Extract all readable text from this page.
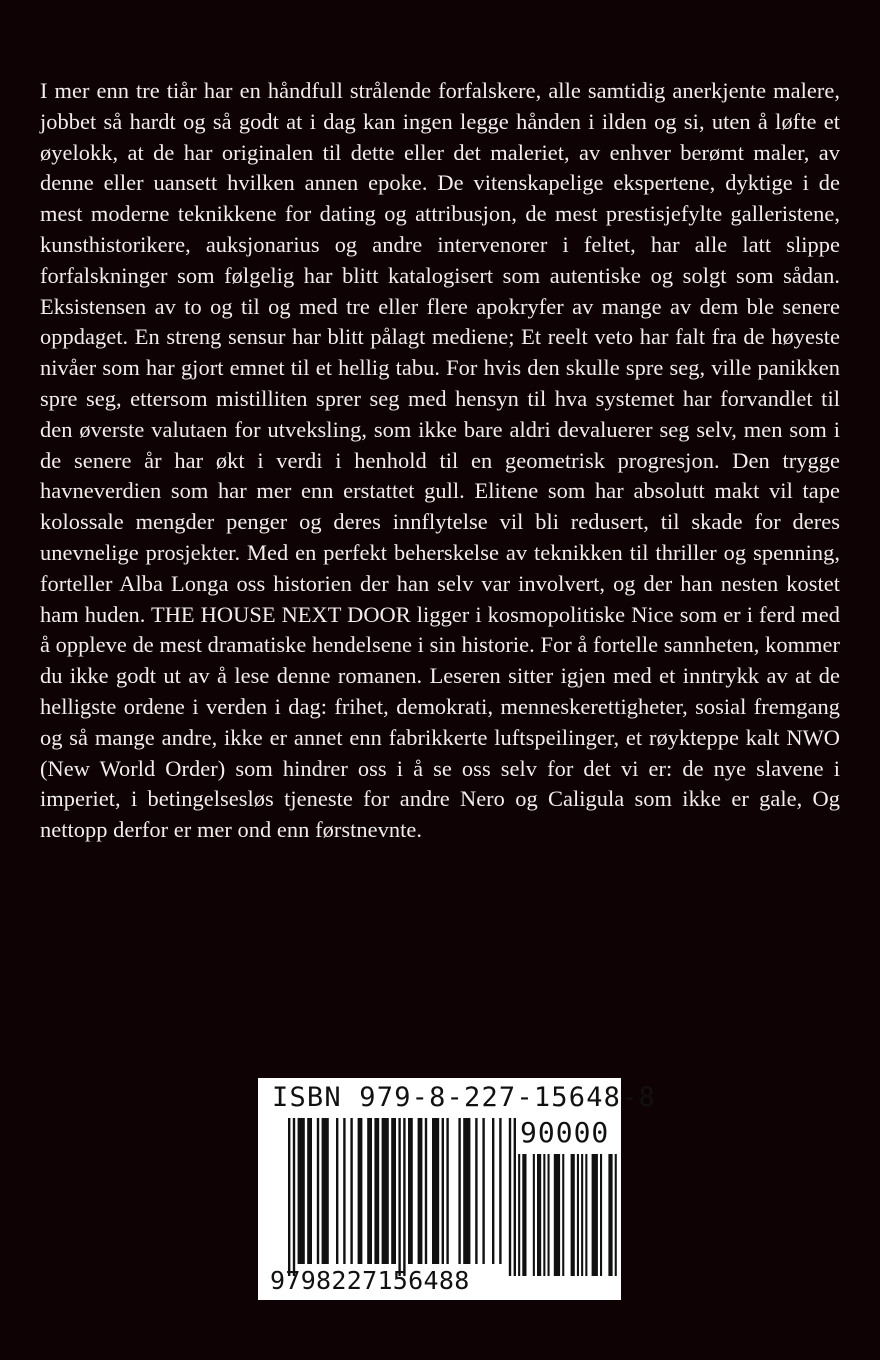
I mer enn tre tiår har en håndfull strålende forfalskere, alle samtidig anerkjente malere, jobbet så hardt og så godt at i dag kan ingen legge hånden i ilden og si, uten å løfte et øyelokk, at de har originalen til dette eller det maleriet, av enhver berømt maler, av denne eller uansett hvilken annen epoke. De vitenskapelige ekspertene, dyktige i de mest moderne teknikkene for dating og attribusjon, de mest prestisjefylte galleristene, kunsthistorikere, auksjonarius og andre intervenorer i feltet, har alle latt slippe forfalskninger som følgelig har blitt katalogisert som autentiske og solgt som sådan. Eksistensen av to og til og med tre eller flere apokryfer av mange av dem ble senere oppdaget. En streng sensur har blitt pålagt mediene; Et reelt veto har falt fra de høyeste nivåer som har gjort emnet til et hellig tabu. For hvis den skulle spre seg, ville panikken spre seg, ettersom mistilliten sprer seg med hensyn til hva systemet har forvandlet til den øverste valutaen for utveksling, som ikke bare aldri devaluerer seg selv, men som i de senere år har økt i verdi i henhold til en geometrisk progresjon. Den trygge havneverdien som har mer enn erstattet gull. Elitene som har absolutt makt vil tape kolossale mengder penger og deres innflytelse vil bli redusert, til skade for deres unevnelige prosjekter. Med en perfekt beherskelse av teknikken til thriller og spenning, forteller Alba Longa oss historien der han selv var involvert, og der han nesten kostet ham huden. THE HOUSE NEXT DOOR ligger i kosmopolitiske Nice som er i ferd med å oppleve de mest dramatiske hendelsene i sin historie. For å fortelle sannheten, kommer du ikke godt ut av å lese denne romanen. Leseren sitter igjen med et inntrykk av at de helligste ordene i verden i dag: frihet, demokrati, menneskerettigheter, sosial fremgang og så mange andre, ikke er annet enn fabrikkerte luftspeilinger, et røykteppe kalt NWO (New World Order) som hindrer oss i å se oss selv for det vi er: de nye slavene i imperiet, i betingelsesløs tjeneste for andre Nero og Caligula som ikke er gale, Og nettopp derfor er mer ond enn førstnevnte.

ISBN 979-8-227-15648-8
90000
9798227156488
